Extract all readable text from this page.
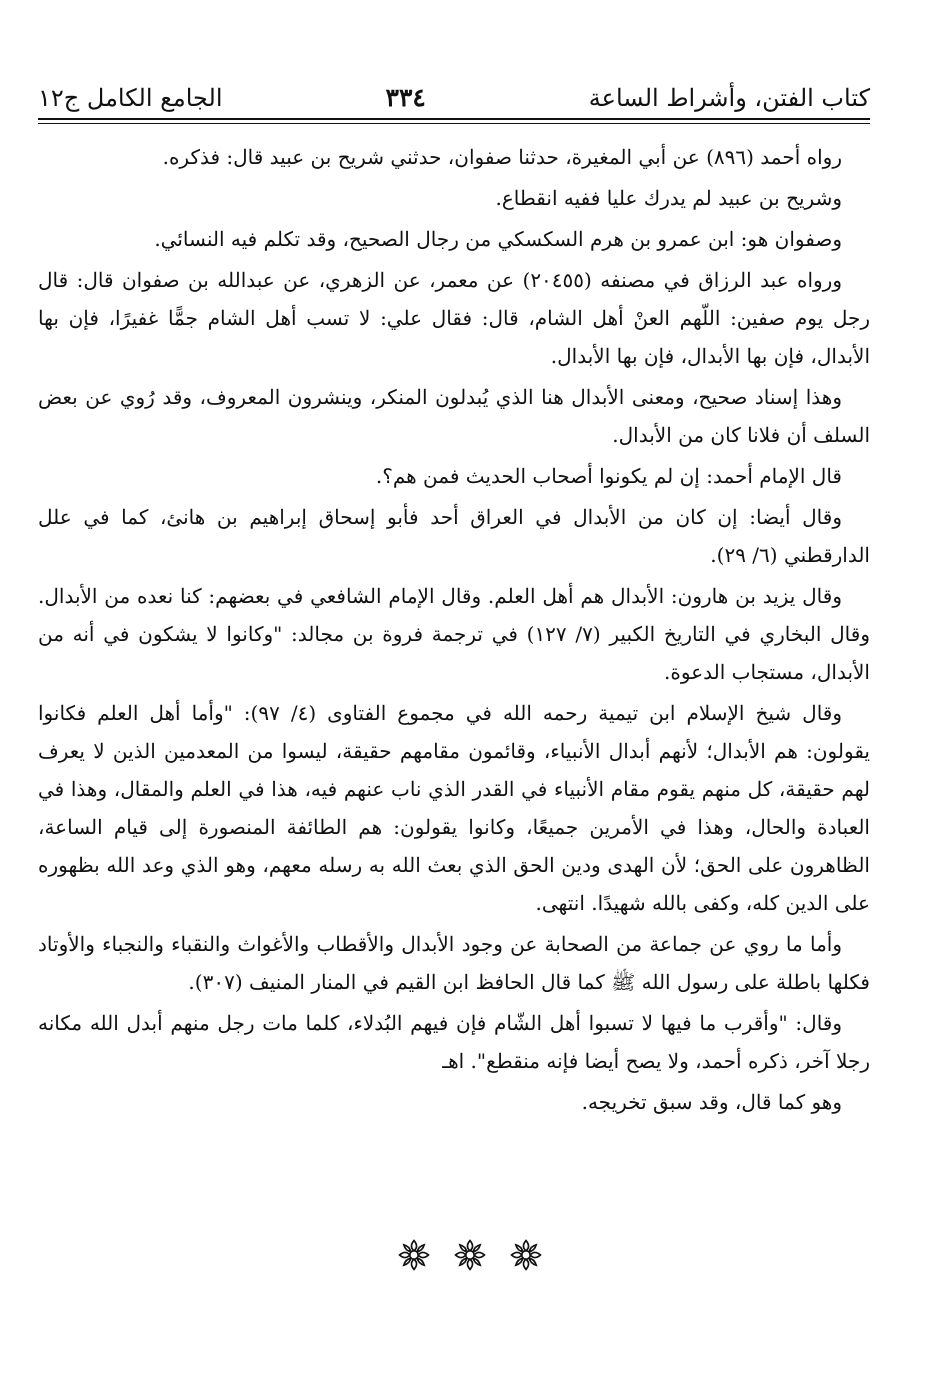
كتاب الفتن، وأشراط الساعة
٣٣٤
الجامع الكامل ج١٢

رواه أحمد (٨٩٦) عن أبي المغيرة، حدثنا صفوان، حدثني شريح بن عبيد قال: فذكره.

وشريح بن عبيد لم يدرك عليا ففيه انقطاع.

وصفوان هو: ابن عمرو بن هرم السكسكي من رجال الصحيح، وقد تكلم فيه النسائي.

ورواه عبد الرزاق في مصنفه (٢٠٤٥٥) عن معمر، عن الزهري، عن عبدالله بن صفوان قال: قال رجل يوم صفين: اللّهم العنْ أهل الشام، قال: فقال علي: لا تسب أهل الشام جمًّا غفيرًا، فإن بها الأبدال، فإن بها الأبدال، فإن بها الأبدال.

وهذا إسناد صحيح، ومعنى الأبدال هنا الذي يُبدلون المنكر، وينشرون المعروف، وقد رُوي عن بعض السلف أن فلانا كان من الأبدال.

قال الإمام أحمد: إن لم يكونوا أصحاب الحديث فمن هم؟.

وقال أيضا: إن كان من الأبدال في العراق أحد فأبو إسحاق إبراهيم بن هانئ، كما في علل الدارقطني (٦/ ٢٩).

وقال يزيد بن هارون: الأبدال هم أهل العلم. وقال الإمام الشافعي في بعضهم: كنا نعده من الأبدال. وقال البخاري في التاريخ الكبير (٧/ ١٢٧) في ترجمة فروة بن مجالد: "وكانوا لا يشكون في أنه من الأبدال، مستجاب الدعوة.

وقال شيخ الإسلام ابن تيمية رحمه الله في مجموع الفتاوى (٤/ ٩٧): "وأما أهل العلم فكانوا يقولون: هم الأبدال؛ لأنهم أبدال الأنبياء، وقائمون مقامهم حقيقة، ليسوا من المعدمين الذين لا يعرف لهم حقيقة، كل منهم يقوم مقام الأنبياء في القدر الذي ناب عنهم فيه، هذا في العلم والمقال، وهذا في العبادة والحال، وهذا في الأمرين جميعًا، وكانوا يقولون: هم الطائفة المنصورة إلى قيام الساعة، الظاهرون على الحق؛ لأن الهدى ودين الحق الذي بعث الله به رسله معهم، وهو الذي وعد الله بظهوره على الدين كله، وكفى بالله شهيدًا. انتهى.

وأما ما روي عن جماعة من الصحابة عن وجود الأبدال والأقطاب والأغواث والنقباء والنجباء والأوتاد فكلها باطلة على رسول الله ﷺ كما قال الحافظ ابن القيم في المنار المنيف (٣٠٧).

وقال: "وأقرب ما فيها لا تسبوا أهل الشّام فإن فيهم البُدلاء، كلما مات رجل منهم أبدل الله مكانه رجلا آخر، ذكره أحمد، ولا يصح أيضا فإنه منقطع". اهـ

وهو كما قال، وقد سبق تخريجه.
